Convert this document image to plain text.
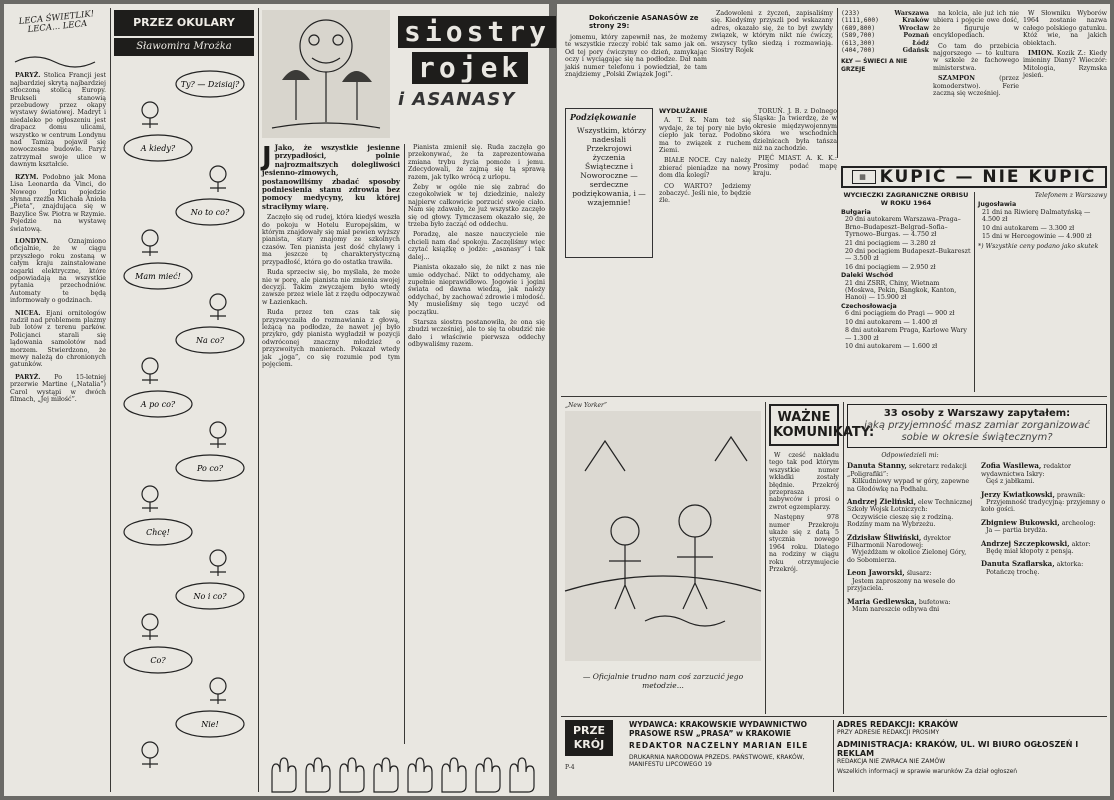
LECA ŚWIETLIK! LECA... LECA

PARYŻ. Stolica Francji jest najbardziej skrytą najbardziej stłoczoną stolicą Europy. Brukseli stanowią przebudowy przez okapy wystawy światowej. Madryt i niedaleko po ogłoszeniu jest drapacz domu ulicami, wszystko w centrum Londynu nad Tamizą pojawił się nowoczesne budowle. Paryż zatrzymał swoje ulice w dawnym kształcie.

RZYM. Podobno jak Mona Lisa Leonarda da Vinci, do Nowego Jorku pojedzie słynna rzeźba Michała Anioła „Pieta”, znajdująca się w Bazylice Św. Piotra w Rzymie. Pojedzie na wystawę światową.

LONDYN.	Oznajmiono oficjalnie, że w ciągu przyszłego roku zostaną w całym kraju zainstalowane zegarki elektryczne, które odpowiadają na wszystkie pytania przechodniów. Automaty te będą informowały o godzinach.

NICEA. Ejani ornitologów radził nad problemem plazmy lub lotów z terenu parków. Policjanci starali się lądowania samolotów nad morzem. Stwierdzono, że mewy należą do chronionych gatunków.

PARYŻ. Po 15-letniej przerwie Martine („Natalia”) Carol wystąpi w dwóch filmach, „Jej miłość”.

PRZEZ OKULARY
Sławomira Mrożka
Ty? — Dzisiaj?
A kiedy?
No to co?
Mam mieć!
Na co?
A po co?
Po co?
Chcę!
No i co?
Co?
Nie!
siostry
rojek

i ASANASY

J Jako, że wszystkie jesienne przypadłości, polnie najrozmaitszych dolegliwości jesienno-zimowych, postanowiliśmy zbadać sposoby podniesienia stanu zdrowia bez pomocy medycyny, ku której straciłymy wiarę.

Zaczęło się od rudej, która kiedyś weszła do pokoju w Hotelu Europejskim, w którym znajdowały się miał pewien wyższy pianista, stary znajomy ze szkolnych czasów. Ten pianista jest dość chylawy i ma jeszcze tę charakterystyczną przypadłość, która go do ostatka trawiła.

Ruda sprzeciw się, bo myślała, że może nie w porę, ale pianista nie zmienia swojej decyzji. Takim zwyczajem było wtedy zawsze przez wiele lat z rzędu odpoczywać w Łazienkach.

Ruda przez ten czas tak się przyzwyczaiła do rozmawiania z głową, leżącą na podłodze, że nawet jej było przykro, gdy pianista wygładził w pozycji odwróconej znaczny młodzież o przyzwoitych manierach. Pokazał wtedy jak „joga”, co się rozumie pod tym pojęciem.

Pianista zmienił się. Ruda zaczęła go przekonywać, że ta zaprezentowana zmiana trybu życia pomoże i jemu. Zdecydowali, że zajmą się tą sprawą razem, jak tylko wrócą z urlopu.

Żeby w ogóle nie się zabrać do czegokolwiek w tej dziedzinie, należy najpierw całkowicie porzucić swoje ciało. Nam się zdawało, że już wszystko zaczęło się od głowy. Tymczasem okazało się, że trzeba było zacząć od oddechu.

Poradzę, ale nasze nauczyciele nie chcieli nam dać spokoju. Zaczęliśmy więc czytać książkę o jodze: „asanasy” i tak dalej...

Pianista okazało się, że nikt z nas nie umie oddychać. Nikt to oddychamy, ale zupełnie nieprawidłowo. Jogowie i jogini świata od dawna wiedzą, jak należy oddychać, by zachować zdrowie i młodość. My musieliśmy się tego uczyć od początku.

Starsza siostra postanowiła, że ona się zbudzi wcześniej, ale to się ta obudzić nie dało i właściwie pierwsza oddechy odbywaliśmy razem.

Dokończenie ASANASÓW ze strony 29:

jomemu, który zapewnił nas, że możemy te wszystkie rzeczy robić tak samo jak on. Od tej pory ćwiczymy co dzień, zamykając oczy i wyciągając się na podłodze. Dał nam jakiś numer telefonu i powiedział, że tam znajdziemy „Polski Związek Jogi”.

Zadowoleni z życzeń, zapisaliśmy się. Kiedyśmy przyszli pod wskazany adres, okazało się, że to był zwykły związek, w którym nikt nie ćwiczy, wszyscy tylko siedzą i rozmawiają. Siostry Rojek

Podziękowanie

Wszystkim, którzy nadesłali Przekrojowi życzenia Świąteczne i Noworoczne — serdeczne podziękowania, i — wzajemnie!

WYDŁUŻANIE

A. T. K. Nam też się wydaje, że tej pory nie było ciepło jak teraz. Podobno ma to związek z ruchem Ziemi.

BIAŁE NOCE. Czy należy zbierać pieniądze na nowy dom dla kolegi?

CO WARTO? Jedziemy zobaczyć. Jeśli nie, to będzie źle.

TORUŃ. J. B. z Dolnego Śląska: Ja twierdzę, że w okresie międzywojennym skóra we wschodnich dzielnicach była tańsza niż na zachodzie.

PIĘĆ MIAST. A. K. K.: Prosimy podać mapę kraju.

(233)	Warszawa
(1111,600)	Kraków
(689,800)	Wrocław
(589,700)	Poznań
(613,300)	Łódź
(404,700)	Gdańsk
KŁY — ŚWIECI A NIE GRZEJE

na kolcia, ale już ich nie ubiera i pojęcie owe dość, że figuruje w encyklopediach.

Co tam do przebicia najgorszego — to kultura w szkole że fachowego ministerstwa.

SZAMPON (przez komoderstwo). Ferie zaczną się wcześniej.

W Słowniku Wyborów 1964 zostanie nazwa całego polskiego gatunku. Któż wie, na jakich obiektach.

IMION. Kozik Z.: Kiedy imieniny Diany? Wieczór: Mitologia, Rzymska jesień.

▦ KUPIĆ — NIE KUPIĆ
WYCIECZKI ZAGRANICZNE ORBISU W ROKU 1964
Bułgaria
20 dni autokarem Warszawa–Praga–Brno–Budapeszt–Belgrad–Sofia–Tyrnowo–Burgas. — 4.750 zł
21 dni pociągiem — 3.280 zł
20 dni pociągiem Budapeszt–Bukareszt — 3.500 zł
16 dni pociągiem — 2.950 zł
Daleki Wschód
21 dni ZSRR, Chiny, Wietnam (Moskwa, Pekin, Bangkok, Kanton, Hanoi) — 15.900 zł
Czechosłowacja
6 dni pociągiem do Pragi — 900 zł
10 dni autokarem — 1.400 zł
8 dni autokarem Praga, Karlowe Wary — 1.300 zł
10 dni autokarem — 1.600 zł
Telefonem z Warszawy
Jugosławia
21 dni na Riwierę Dalmatyńską — 4.500 zł
10 dni autokarem — 3.300 zł
15 dni w Hercegowinie — 4.900 zł
*) Wszystkie ceny podano jako skutek
„New Yorker”
— Oficjalnie trudno nam coś zarzucić jego metodzie...
WAŻNE KOMUNIKATY:

W cześć nakładu tego tak pod którym wszystkie numer wkładki zostały błędnie. Przekrój przeprasza nabywców i prosi o zwrot egzemplarzy.

Następny 978 numer Przekroju ukaże się z datą 5 stycznia nowego 1964 roku. Dlatego na rodziny w ciągu roku otrzymujecie Przekrój.

33 osoby z Warszawy zapytałem:
jaką przyjemność masz zamiar zorganizować sobie w okresie świątecznym?
Odpowiedzieli mi:
Danuta Stanny, sekretarz redakcji „Poligrafiki”:
Kilkudniowy wypad w góry, zapewne na Głodówkę na Podhalu.
Andrzej Zieliński, elew Technicznej Szkoły Wojsk Łotniczych:
Oczywiście cieszę się z rodziną. Rodziny mam na Wybrzeżu.
Zdzisław Śliwiński, dyrektor Filharmonii Narodowej:
Wyjeżdżam w okolice Zielonej Góry, do Sobomierza.
Leon Jaworski, ślusarz:
Jestem zaproszony na wesele do przyjaciela.
Maria Gedlewska, bufetowa:
Mam nareszcie odbywa dni
Zofia Wasilewa, redaktor wydawnictwa Iskry:
Gęś z jabłkami.
Jerzy Kwiatkowski, prawnik:
Przyjemność tradycyjną: przyjemny o koło gości.
Zbigniew Bukowski, archeolog:
Ja — partia brydża.
Andrzej Szczepkowski, aktor:
Będę miał kłopoty z pensją.
Danuta Szaflarska, aktorka:
Potańczę trochę.
PRZE KRÓJ
P-4
WYDAWCA: KRAKOWSKIE WYDAWNICTWO PRASOWE RSW „PRASA” w KRAKOWIE
REDAKTOR NACZELNY MARIAN EILE
DRUKARNIA NARODOWA PRZEDS. PAŃSTWOWE, KRAKÓW, MANIFESTU LIPCOWEGO 19
ADRES REDAKCJI: KRAKÓW
PRZY ADRESIE REDAKCJI PROSIMY
ADMINISTRACJA: KRAKÓW, UL. WI BIURO OGŁOSZEŃ I REKLAM
REDAKCJA NIE ZWRACA NIE ZAMÓW
Wszelkich informacji w sprawie warunków Za dział ogłoszeń
